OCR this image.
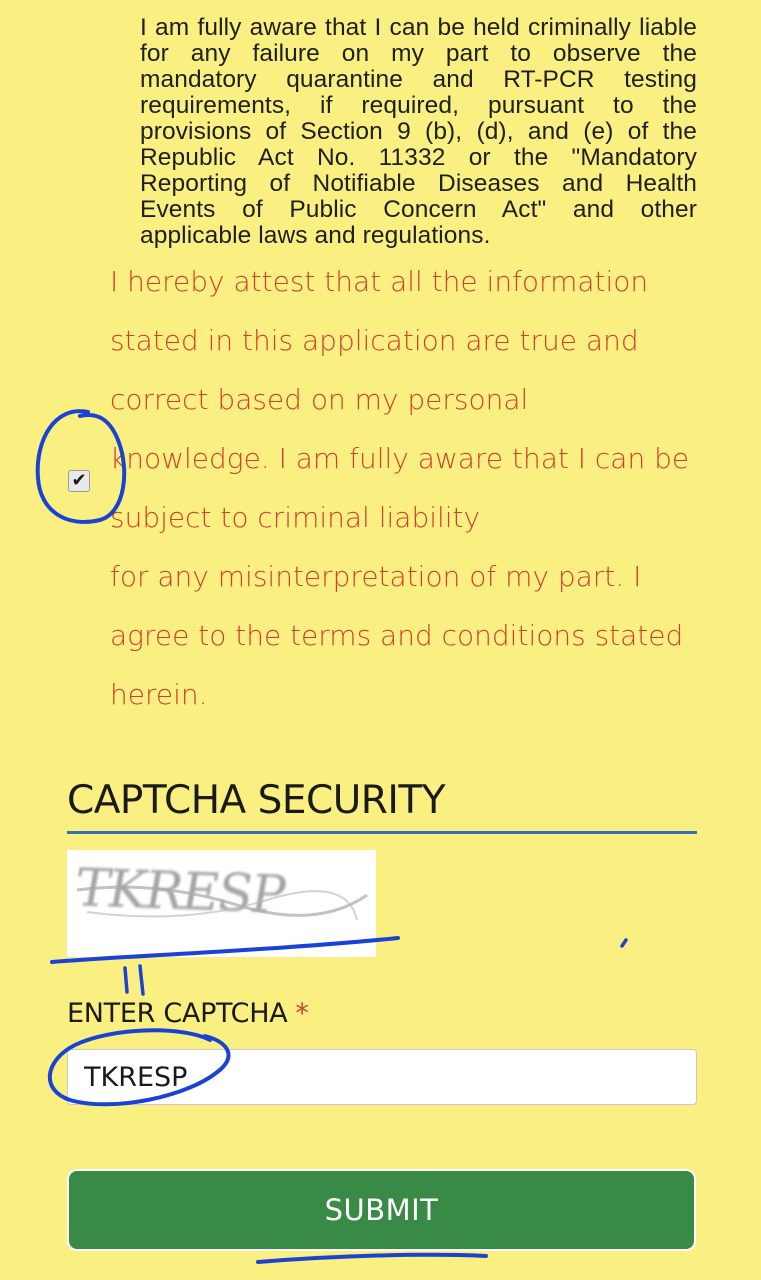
I am fully aware that I can be held criminally liable for any failure on my part to observe the mandatory quarantine and RT-PCR testing requirements, if required, pursuant to the provisions of Section 9 (b), (d), and (e) of the Republic Act No. 11332 or the "Mandatory Reporting of Notifiable Diseases and Health Events of Public Concern Act" and other applicable laws and regulations.

✔
I hereby attest that all the information
stated in this application are true and
correct based on my personal
knowledge. I am fully aware that I can be
subject to criminal liability
for any misinterpretation of my part. I
agree to the terms and conditions stated
herein.
CAPTCHA SECURITY
TKRESP
ENTER CAPTCHA *
TKRESP
SUBMIT
